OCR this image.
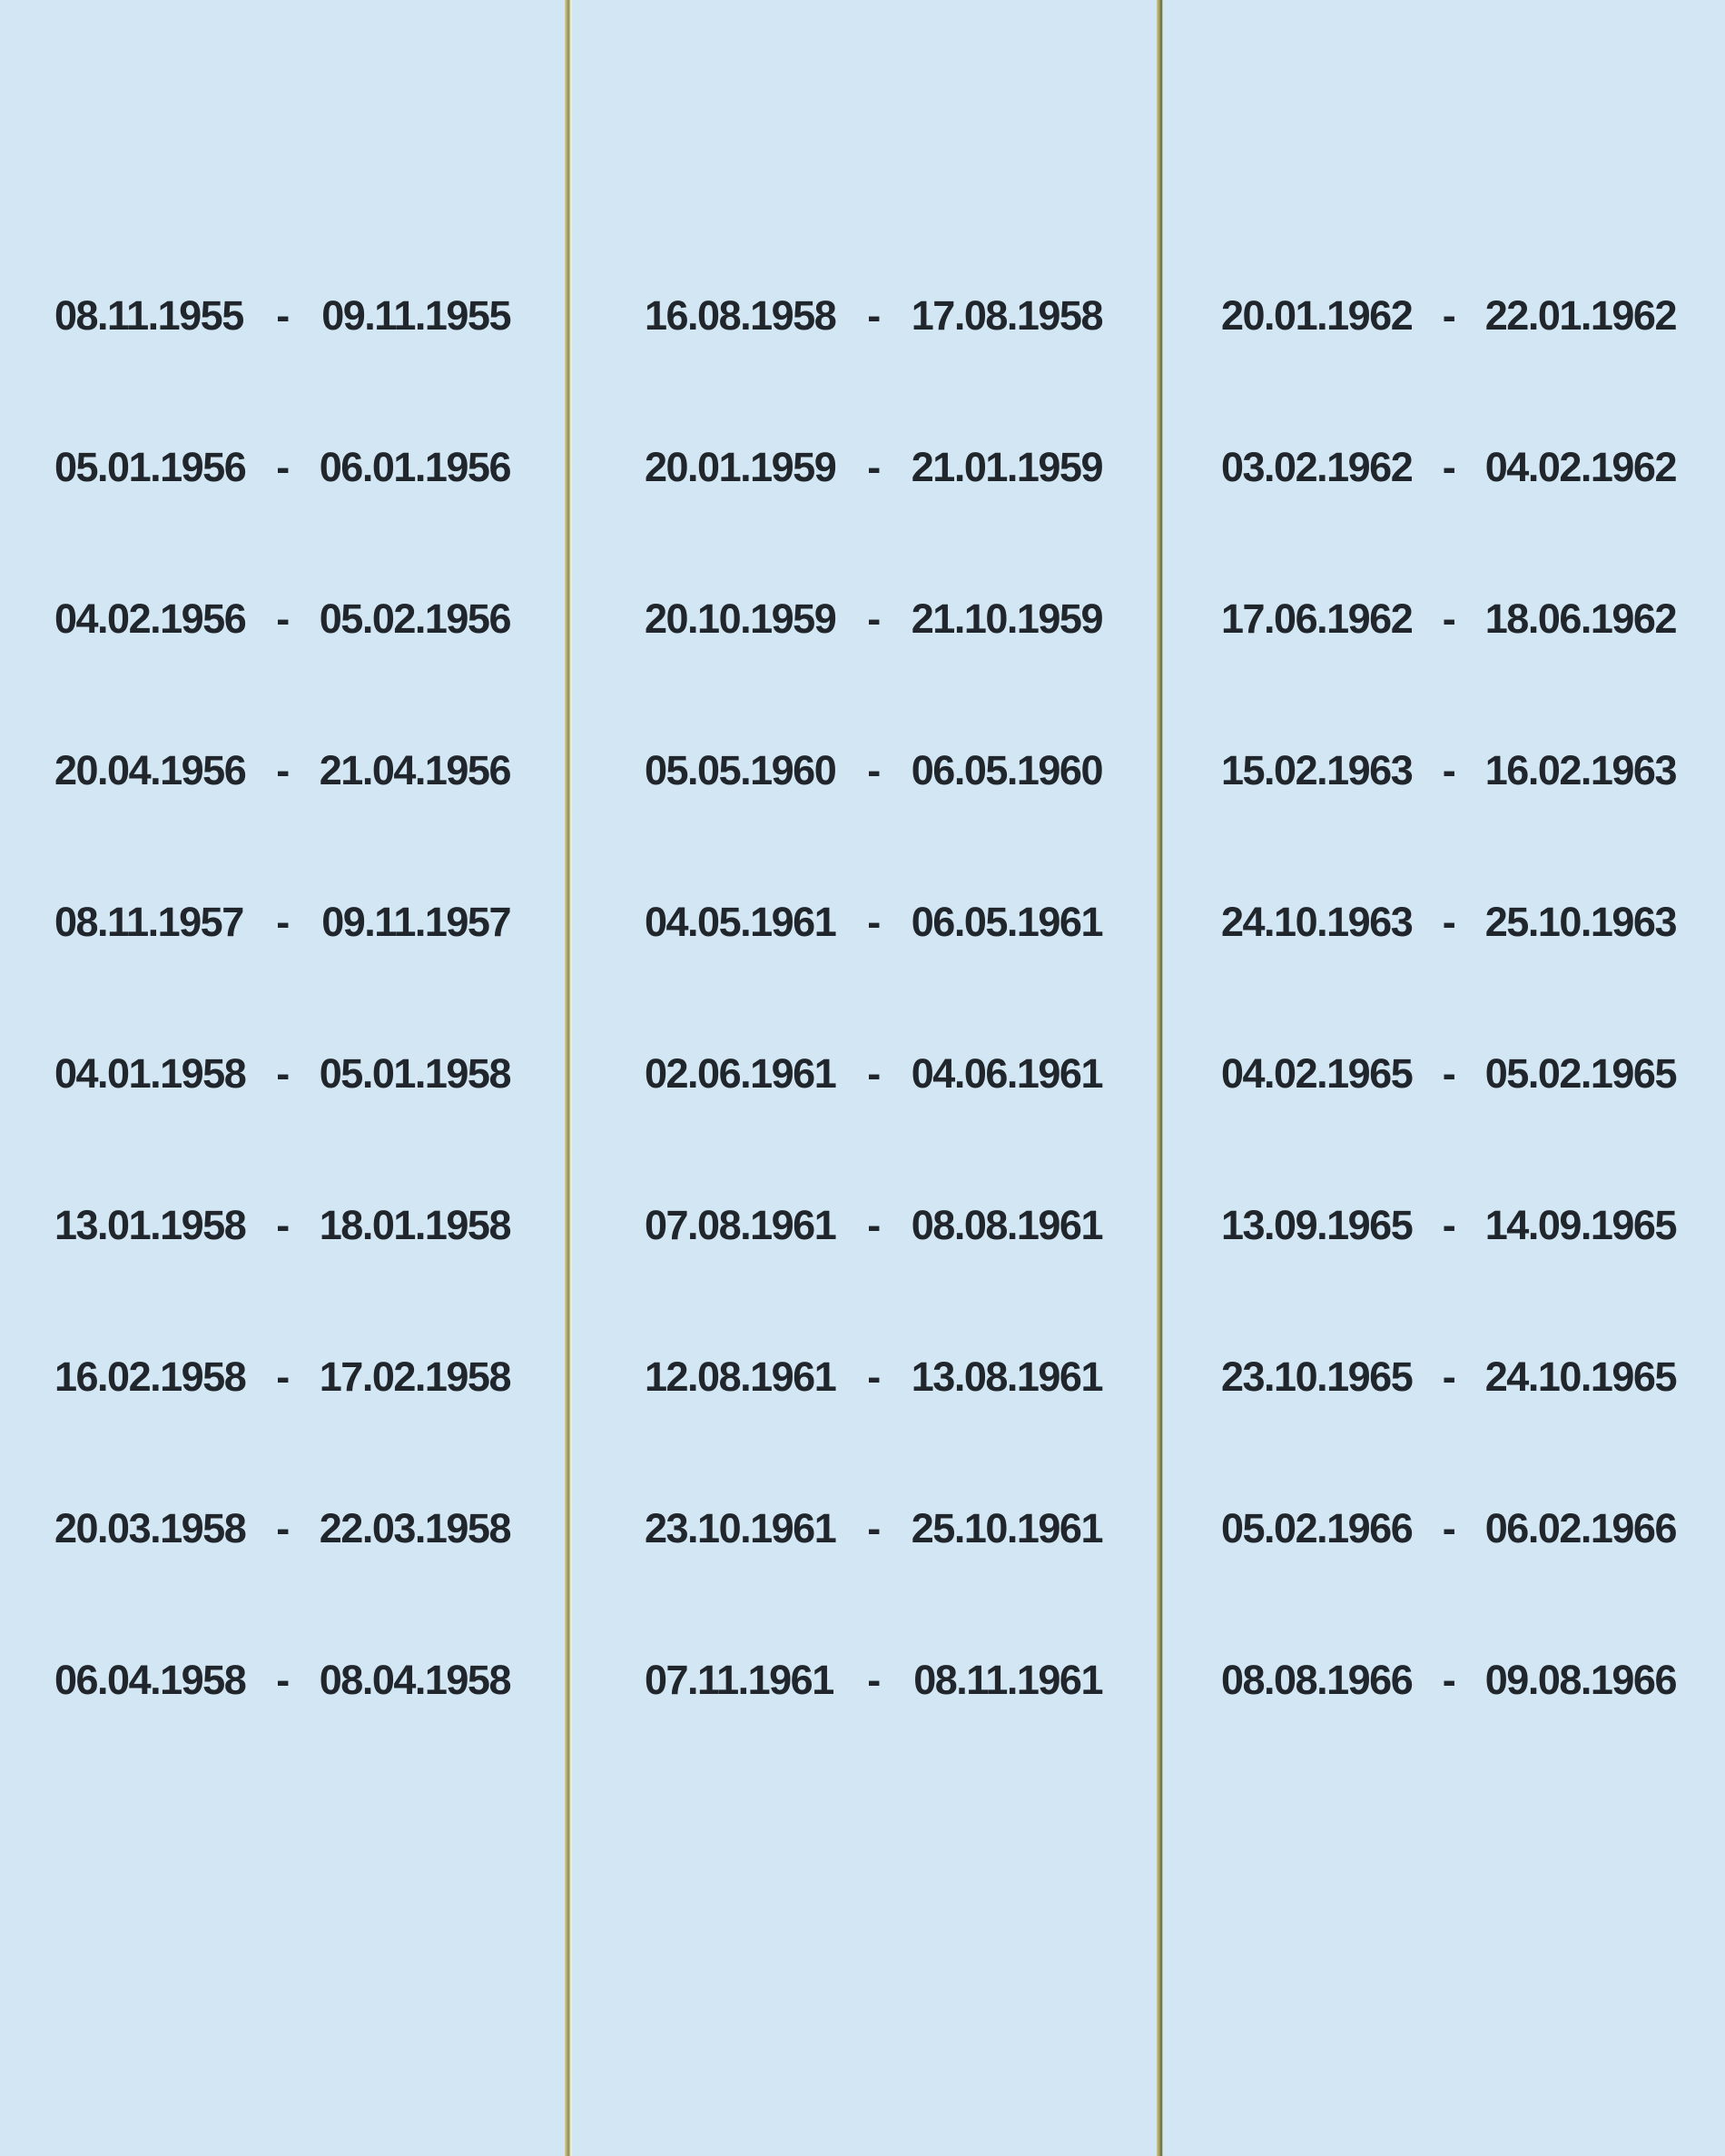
08.11.1955 - 09.11.1955
05.01.1956 - 06.01.1956
04.02.1956 - 05.02.1956
20.04.1956 - 21.04.1956
08.11.1957 - 09.11.1957
04.01.1958 - 05.01.1958
13.01.1958 - 18.01.1958
16.02.1958 - 17.02.1958
20.03.1958 - 22.03.1958
06.04.1958 - 08.04.1958
16.08.1958 - 17.08.1958
20.01.1959 - 21.01.1959
20.10.1959 - 21.10.1959
05.05.1960 - 06.05.1960
04.05.1961 - 06.05.1961
02.06.1961 - 04.06.1961
07.08.1961 - 08.08.1961
12.08.1961 - 13.08.1961
23.10.1961 - 25.10.1961
07.11.1961 - 08.11.1961
20.01.1962 - 22.01.1962
03.02.1962 - 04.02.1962
17.06.1962 - 18.06.1962
15.02.1963 - 16.02.1963
24.10.1963 - 25.10.1963
04.02.1965 - 05.02.1965
13.09.1965 - 14.09.1965
23.10.1965 - 24.10.1965
05.02.1966 - 06.02.1966
08.08.1966 - 09.08.1966
